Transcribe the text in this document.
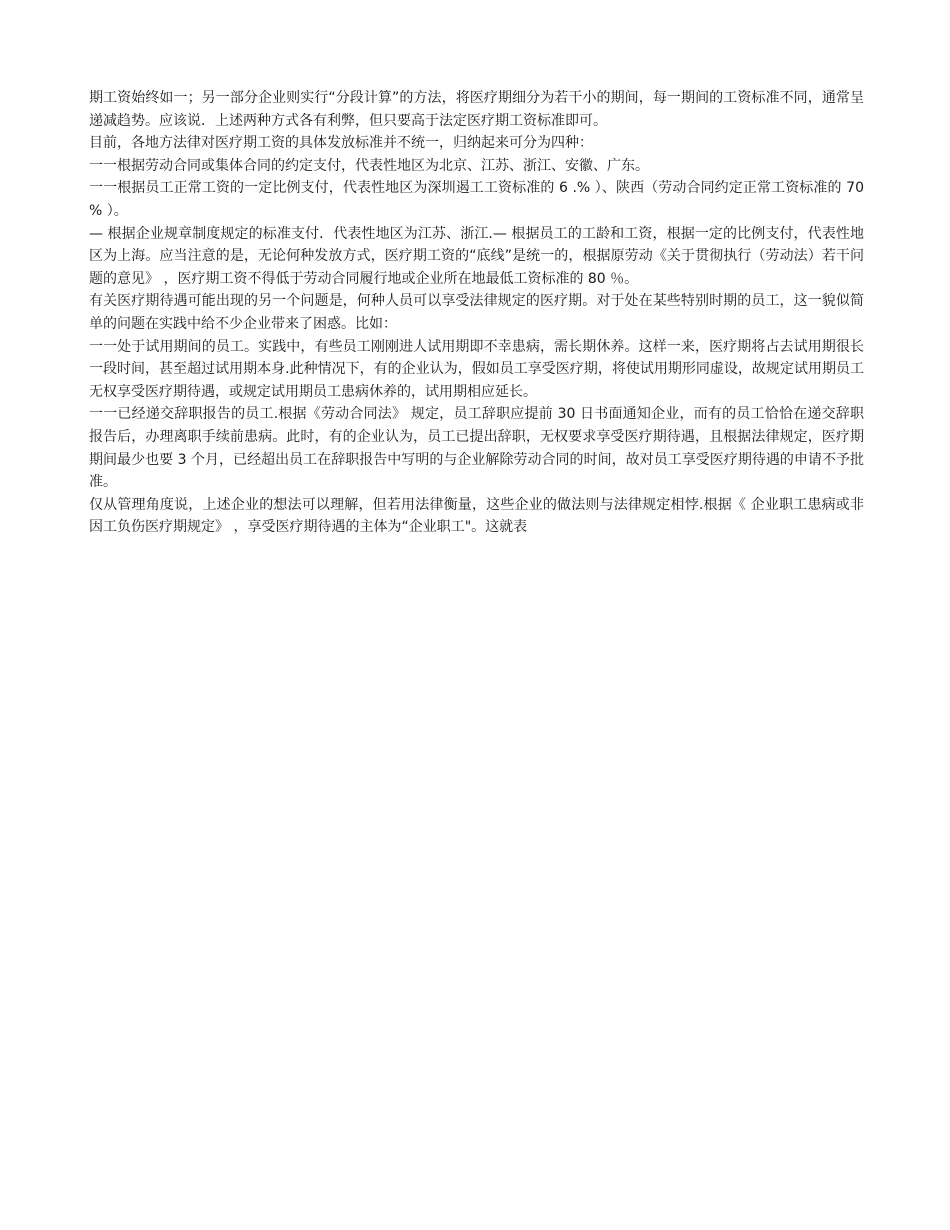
期工资始终如一；另一部分企业则实行“分段计算”的方法，将医疗期细分为若干小的期间，每一期间的工资标准不同，通常呈递减趋势。应该说．上述两种方式各有利弊，但只要高于法定医疗期工资标准即可。

目前，各地方法律对医疗期工资的具体发放标准并不统一，归纳起来可分为四种：

一一根据劳动合同或集体合同的约定支付，代表性地区为北京、江苏、浙江、安徽、广东。

一一根据员工正常工资的一定比例支付，代表性地区为深圳遏工工资标准的 6 .% ）、陕西（劳动合同约定正常工资标准的 70 % ）。

— 根据企业规章制度规定的标准支付．代表性地区为江苏、浙江.— 根据员工的工龄和工资，根据一定的比例支付，代表性地区为上海。应当注意的是，无论何种发放方式，医疗期工资的“底线”是统一的，根据原劳动《关于贯彻执行（劳动法）若干问题的意见》 ，医疗期工资不得低于劳动合同履行地或企业所在地最低工资标准的 80 ％。

有关医疗期待遇可能出现的另一个问题是，何种人员可以享受法律规定的医疗期。对于处在某些特别时期的员工，这一貌似简单的问题在实践中给不少企业带来了困惑。比如：

一一处于试用期间的员工。实践中，有些员工刚刚进人试用期即不幸患病，需长期休养。这样一来，医疗期将占去试用期很长一段时间，甚至超过试用期本身.此种情况下，有的企业认为，假如员工享受医疗期，将使试用期形同虚设，故规定试用期员工无权享受医疗期待遇，或规定试用期员工患病休养的，试用期相应延长。

一一已经递交辞职报告的员工.根据《劳动合同法》 规定，员工辞职应提前 30 日书面通知企业，而有的员工恰恰在递交辞职报告后，办理离职手续前患病。此时，有的企业认为，员工已提出辞职，无权要求享受医疗期待遇，且根据法律规定，医疗期期间最少也要 3 个月，已经超出员工在辞职报告中写明的与企业解除劳动合同的时间，故对员工享受医疗期待遇的申请不予批准。

仅从管理角度说，上述企业的想法可以理解，但若用法律衡量，这些企业的做法则与法律规定相悖.根据《 企业职工患病或非因工负伤医疗期规定》 ，享受医疗期待遇的主体为“企业职工"。这就表
